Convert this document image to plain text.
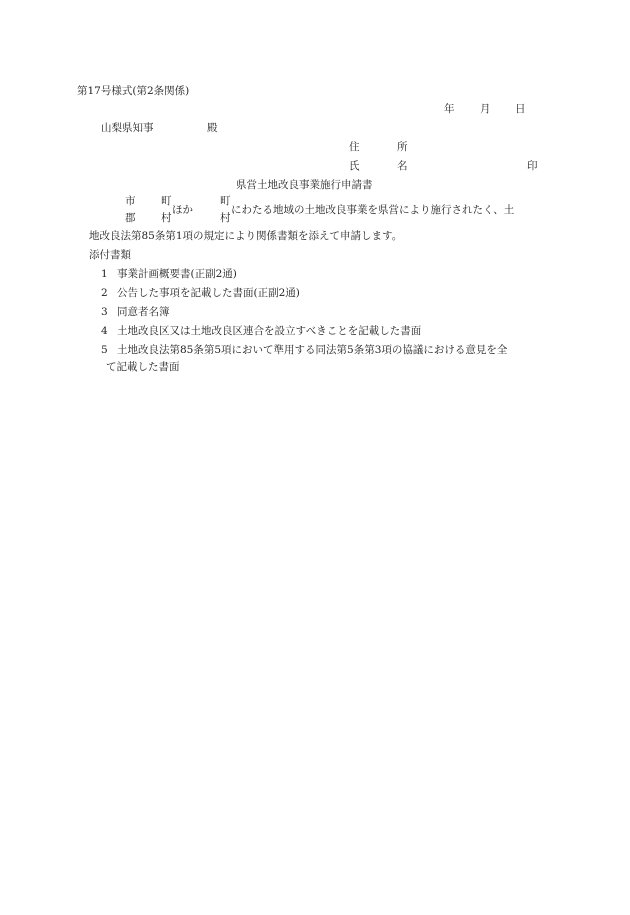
第17号様式(第2条関係)
年 月 日
山梨県知事	殿
住	所
氏	名	印
県営土地改良事業施行申請書
市
郡
町
村
ほか
町
村
にわたる地域の土地改良事業を県営により施行されたく、土
地改良法第85条第1項の規定により関係書類を添えて申請します。
添付書類
1 事業計画概要書(正副2通)
2 公告した事項を記載した書面(正副2通)
3 同意者名簿
4 土地改良区又は土地改良区連合を設立すべきことを記載した書面
5 土地改良法第85条第5項において準用する同法第5条第3項の協議における意見を全
て記載した書面
